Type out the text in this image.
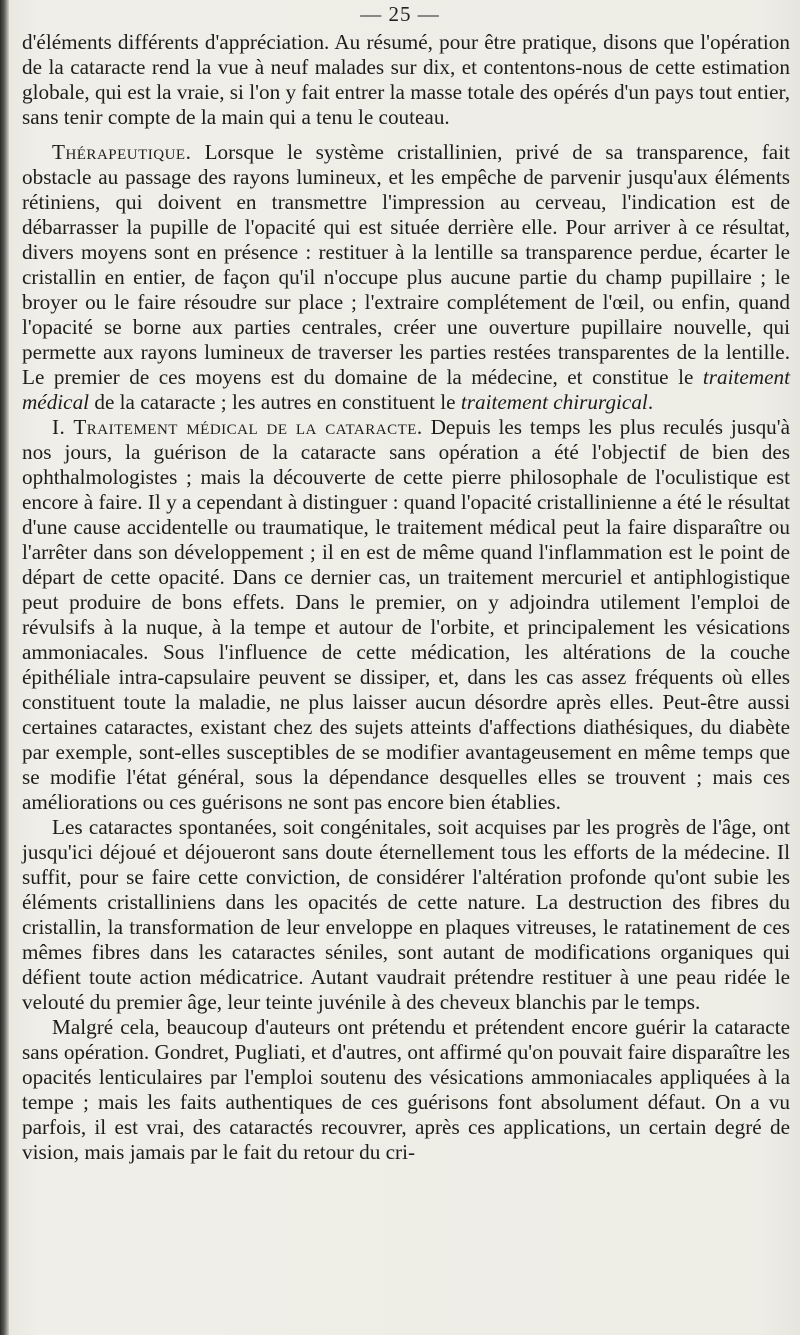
— 25 —

d'éléments différents d'appréciation. Au résumé, pour être pratique, disons que l'opération de la cataracte rend la vue à neuf malades sur dix, et contentons-nous de cette estimation globale, qui est la vraie, si l'on y fait entrer la masse totale des opérés d'un pays tout entier, sans tenir compte de la main qui a tenu le couteau.

Thérapeutique. Lorsque le système cristallinien, privé de sa transparence, fait obstacle au passage des rayons lumineux, et les empêche de parvenir jusqu'aux éléments rétiniens, qui doivent en transmettre l'impression au cerveau, l'indication est de débarrasser la pupille de l'opacité qui est située derrière elle. Pour arriver à ce résultat, divers moyens sont en présence : restituer à la lentille sa transparence perdue, écarter le cristallin en entier, de façon qu'il n'occupe plus aucune partie du champ pupillaire ; le broyer ou le faire résoudre sur place ; l'extraire complétement de l'œil, ou enfin, quand l'opacité se borne aux parties centrales, créer une ouverture pupillaire nouvelle, qui permette aux rayons lumineux de traverser les parties restées transparentes de la lentille. Le premier de ces moyens est du domaine de la médecine, et constitue le traitement médical de la cataracte ; les autres en constituent le traitement chirurgical.

I. Traitement médical de la cataracte. Depuis les temps les plus reculés jusqu'à nos jours, la guérison de la cataracte sans opération a été l'objectif de bien des ophthalmologistes ; mais la découverte de cette pierre philosophale de l'oculistique est encore à faire. Il y a cependant à distinguer : quand l'opacité cristallinienne a été le résultat d'une cause accidentelle ou traumatique, le traitement médical peut la faire disparaître ou l'arrêter dans son développement ; il en est de même quand l'inflammation est le point de départ de cette opacité. Dans ce dernier cas, un traitement mercuriel et antiphlogistique peut produire de bons effets. Dans le premier, on y adjoindra utilement l'emploi de révulsifs à la nuque, à la tempe et autour de l'orbite, et principalement les vésications ammoniacales. Sous l'influence de cette médication, les altérations de la couche épithéliale intra-capsulaire peuvent se dissiper, et, dans les cas assez fréquents où elles constituent toute la maladie, ne plus laisser aucun désordre après elles. Peut-être aussi certaines cataractes, existant chez des sujets atteints d'affections diathésiques, du diabète par exemple, sont-elles susceptibles de se modifier avantageusement en même temps que se modifie l'état général, sous la dépendance desquelles elles se trouvent ; mais ces améliorations ou ces guérisons ne sont pas encore bien établies.

Les cataractes spontanées, soit congénitales, soit acquises par les progrès de l'âge, ont jusqu'ici déjoué et déjoueront sans doute éternellement tous les efforts de la médecine. Il suffit, pour se faire cette conviction, de considérer l'altération profonde qu'ont subie les éléments cristalliniens dans les opacités de cette nature. La destruction des fibres du cristallin, la transformation de leur enveloppe en plaques vitreuses, le ratatinement de ces mêmes fibres dans les cataractes séniles, sont autant de modifications organiques qui défient toute action médicatrice. Autant vaudrait prétendre restituer à une peau ridée le velouté du premier âge, leur teinte juvénile à des cheveux blanchis par le temps.

Malgré cela, beaucoup d'auteurs ont prétendu et prétendent encore guérir la cataracte sans opération. Gondret, Pugliati, et d'autres, ont affirmé qu'on pouvait faire disparaître les opacités lenticulaires par l'emploi soutenu des vésications ammoniacales appliquées à la tempe ; mais les faits authentiques de ces guérisons font absolument défaut. On a vu parfois, il est vrai, des cataractés recouvrer, après ces applications, un certain degré de vision, mais jamais par le fait du retour du cri-
